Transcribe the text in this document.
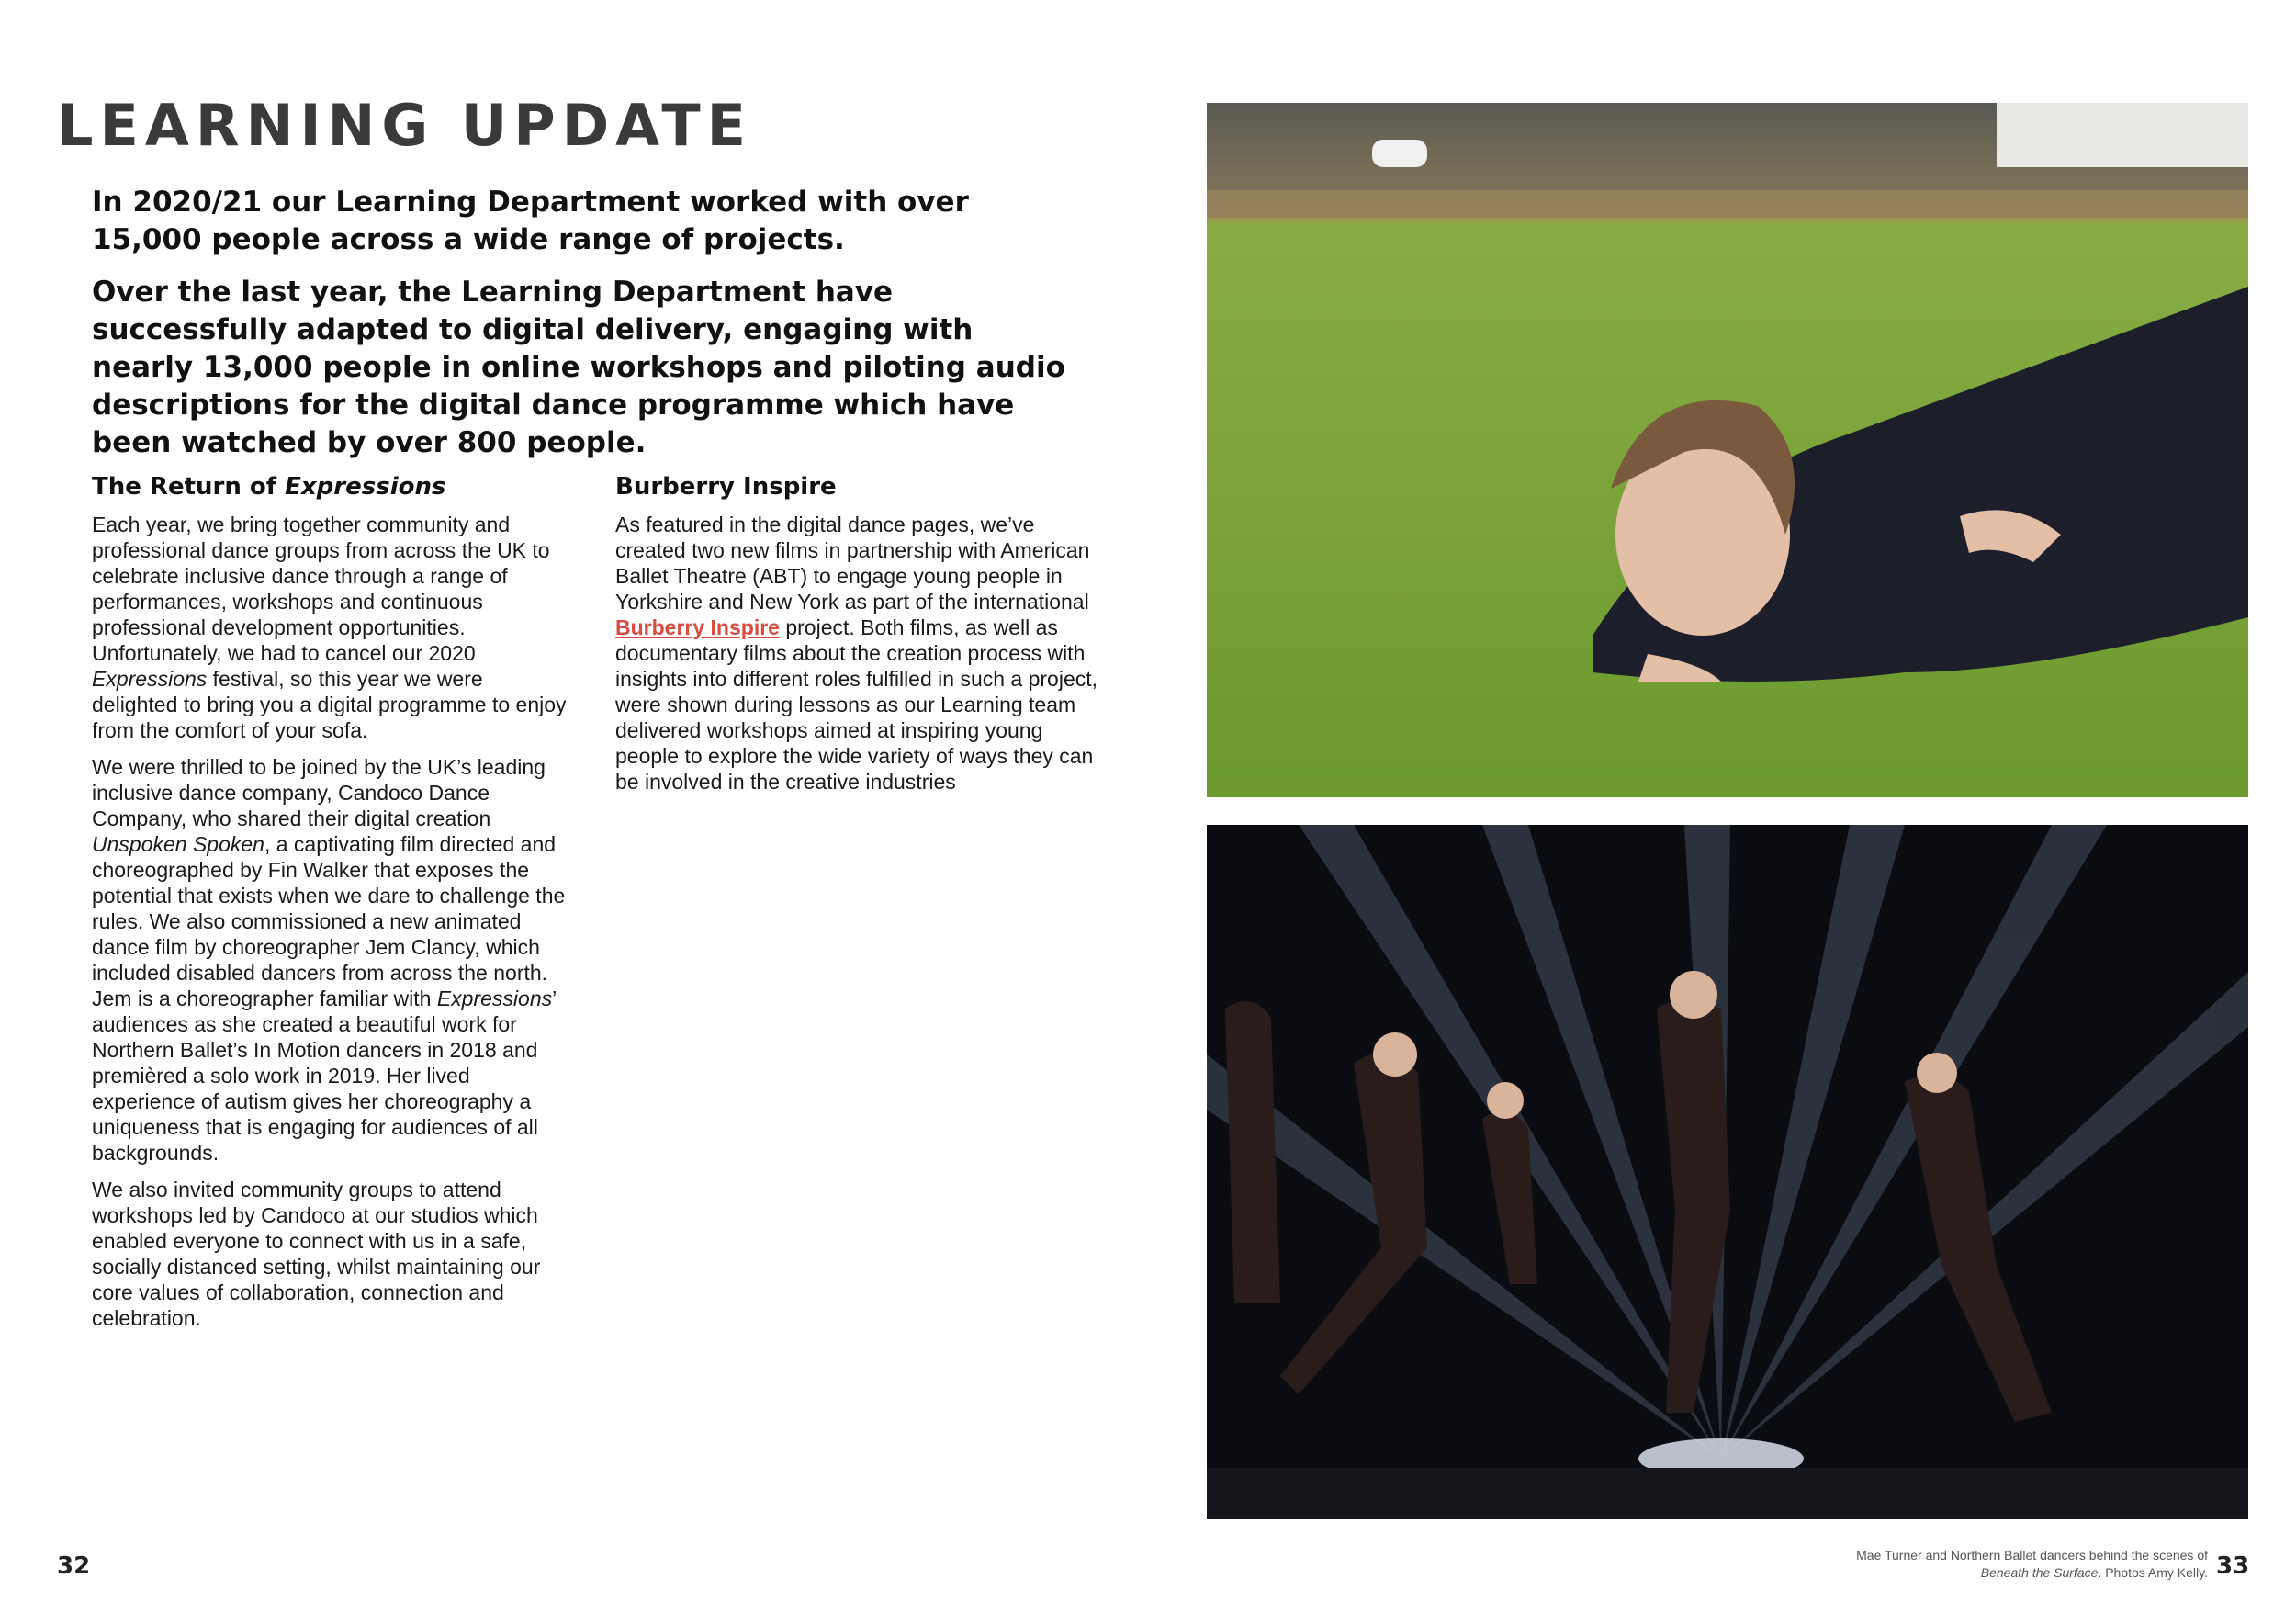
LEARNING UPDATE

In 2020/21 our Learning Department worked with over 15,000 people across a wide range of projects.

Over the last year, the Learning Department have successfully adapted to digital delivery, engaging with nearly 13,000 people in online workshops and piloting audio descriptions for the digital dance programme which have been watched by over 800 people.

The Return of Expressions

Each year, we bring together community and professional dance groups from across the UK to celebrate inclusive dance through a range of performances, workshops and continuous professional development opportunities. Unfortunately, we had to cancel our 2020 Expressions festival, so this year we were delighted to bring you a digital programme to enjoy from the comfort of your sofa.

We were thrilled to be joined by the UK’s leading inclusive dance company, Candoco Dance Company, who shared their digital creation Unspoken Spoken, a captivating film directed and choreographed by Fin Walker that exposes the potential that exists when we dare to challenge the rules. We also commissioned a new animated dance film by choreographer Jem Clancy, which included disabled dancers from across the north. Jem is a choreographer familiar with Expressions’ audiences as she created a beautiful work for Northern Ballet’s In Motion dancers in 2018 and premièred a solo work in 2019. Her lived experience of autism gives her choreography a uniqueness that is engaging for audiences of all backgrounds.

We also invited community groups to attend workshops led by Candoco at our studios which enabled everyone to connect with us in a safe, socially distanced setting, whilst maintaining our core values of collaboration, connection and celebration.

Burberry Inspire

As featured in the digital dance pages, we’ve created two new films in partnership with American Ballet Theatre (ABT) to engage young people in Yorkshire and New York as part of the international Burberry Inspire project. Both films, as well as documentary films about the creation process with insights into different roles fulfilled in such a project, were shown during lessons as our Learning team delivered workshops aimed at inspiring young people to explore the wide variety of ways they can be involved in the creative industries

32	Mae Turner and Northern Ballet dancers behind the scenes of
Beneath the Surface. Photos Amy Kelly. 33
